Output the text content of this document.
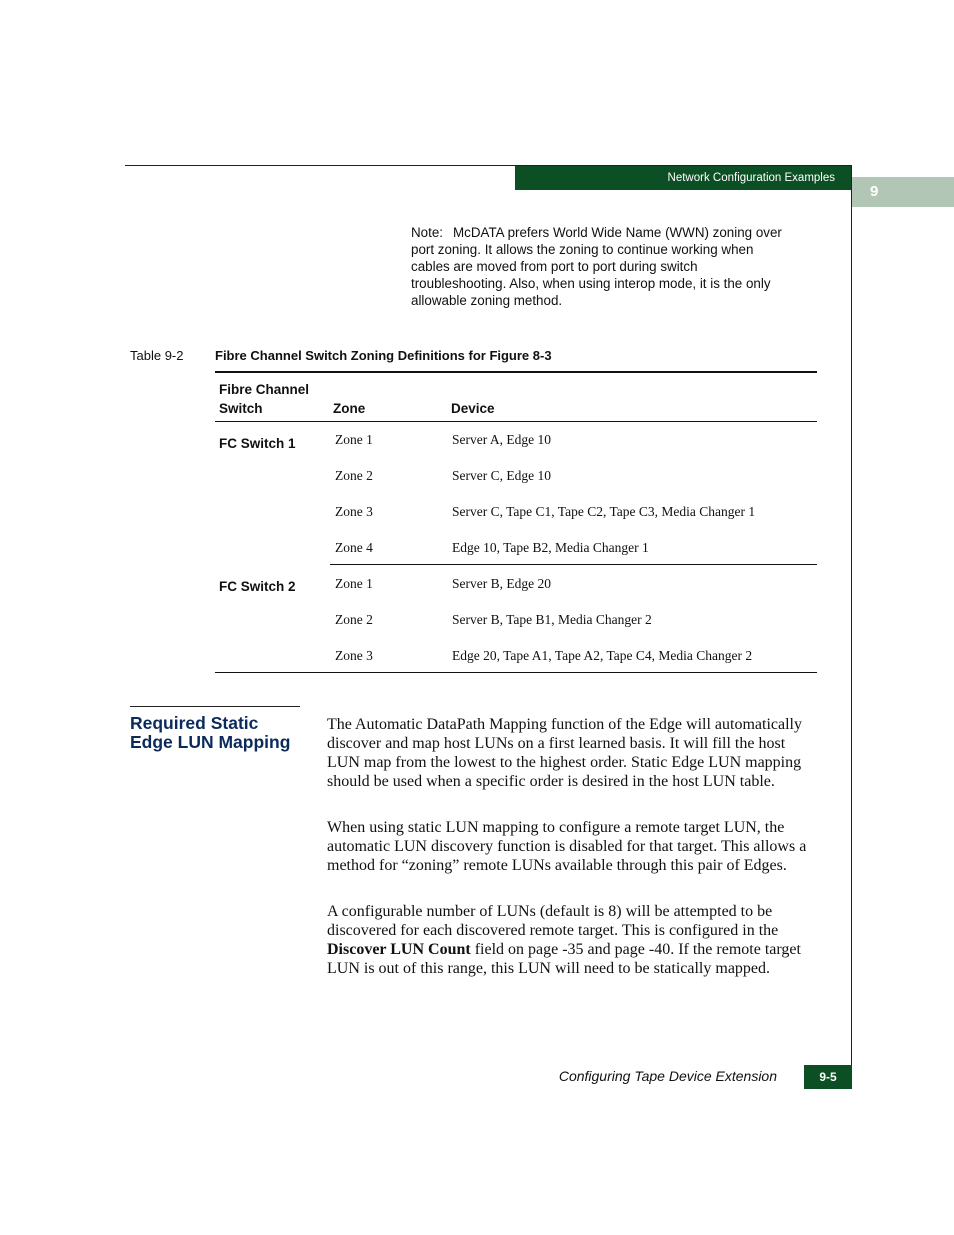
Network Configuration Examples
9
Note: McDATA prefers World Wide Name (WWN) zoning over port zoning. It allows the zoning to continue working when cables are moved from port to port during switch troubleshooting. Also, when using interop mode, it is the only allowable zoning method.
Table 9-2 Fibre Channel Switch Zoning Definitions for Figure 8-3
Fibre Channel
Switch	Zone	Device
FC Switch 1	Zone 1	Server A, Edge 10
Zone 2	Server C, Edge 10
Zone 3	Server C, Tape C1, Tape C2, Tape C3, Media Changer 1
Zone 4	Edge 10, Tape B2, Media Changer 1
FC Switch 2	Zone 1	Server B, Edge 20
Zone 2	Server B, Tape B1, Media Changer 2
Zone 3	Edge 20, Tape A1, Tape A2, Tape C4, Media Changer 2
Required Static
Edge LUN Mapping

The Automatic DataPath Mapping function of the Edge will automatically discover and map host LUNs on a first learned basis. It will fill the host LUN map from the lowest to the highest order. Static Edge LUN mapping should be used when a specific order is desired in the host LUN table.

When using static LUN mapping to configure a remote target LUN, the automatic LUN discovery function is disabled for that target. This allows a method for “zoning” remote LUNs available through this pair of Edges.

A configurable number of LUNs (default is 8) will be attempted to be discovered for each discovered remote target. This is configured in the Discover LUN Count field on page -35 and page -40. If the remote target LUN is out of this range, this LUN will need to be statically mapped.

Configuring Tape Device Extension	9-5
